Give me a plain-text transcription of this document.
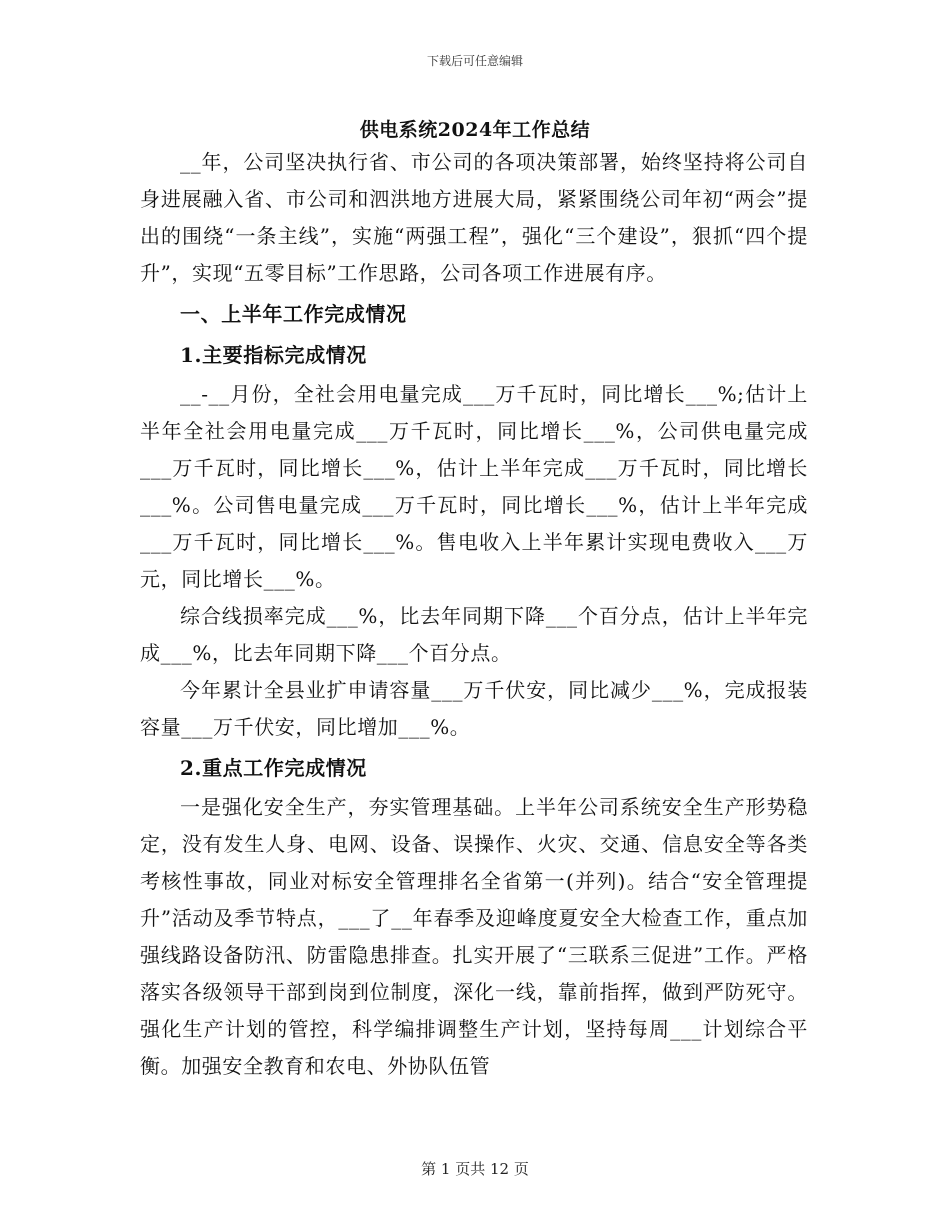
下载后可任意编辑
供电系统2024年工作总结

__年，公司坚决执行省、市公司的各项决策部署，始终坚持将公司自身进展融入省、市公司和泗洪地方进展大局，紧紧围绕公司年初“两会”提出的围绕“一条主线”，实施“两强工程”，强化“三个建设”，狠抓“四个提升”，实现“五零目标”工作思路，公司各项工作进展有序。

一、上半年工作完成情况

1.主要指标完成情况

__-__月份，全社会用电量完成___万千瓦时，同比增长___%;估计上半年全社会用电量完成___万千瓦时，同比增长___%，公司供电量完成___万千瓦时，同比增长___%，估计上半年完成___万千瓦时，同比增长___%。公司售电量完成___万千瓦时，同比增长___%，估计上半年完成___万千瓦时，同比增长___%。售电收入上半年累计实现电费收入___万元，同比增长___%。

综合线损率完成___%，比去年同期下降___个百分点，估计上半年完成___%，比去年同期下降___个百分点。

今年累计全县业扩申请容量___万千伏安，同比减少___%，完成报装容量___万千伏安，同比增加___%。

2.重点工作完成情况

一是强化安全生产，夯实管理基础。上半年公司系统安全生产形势稳定，没有发生人身、电网、设备、误操作、火灾、交通、信息安全等各类考核性事故，同业对标安全管理排名全省第一(并列)。结合“安全管理提升”活动及季节特点，___了__年春季及迎峰度夏安全大检查工作，重点加强线路设备防汛、防雷隐患排查。扎实开展了“三联系三促进”工作。严格落实各级领导干部到岗到位制度，深化一线，靠前指挥，做到严防死守。强化生产计划的管控，科学编排调整生产计划，坚持每周___计划综合平衡。加强安全教育和农电、外协队伍管

第 1 页共 12 页
